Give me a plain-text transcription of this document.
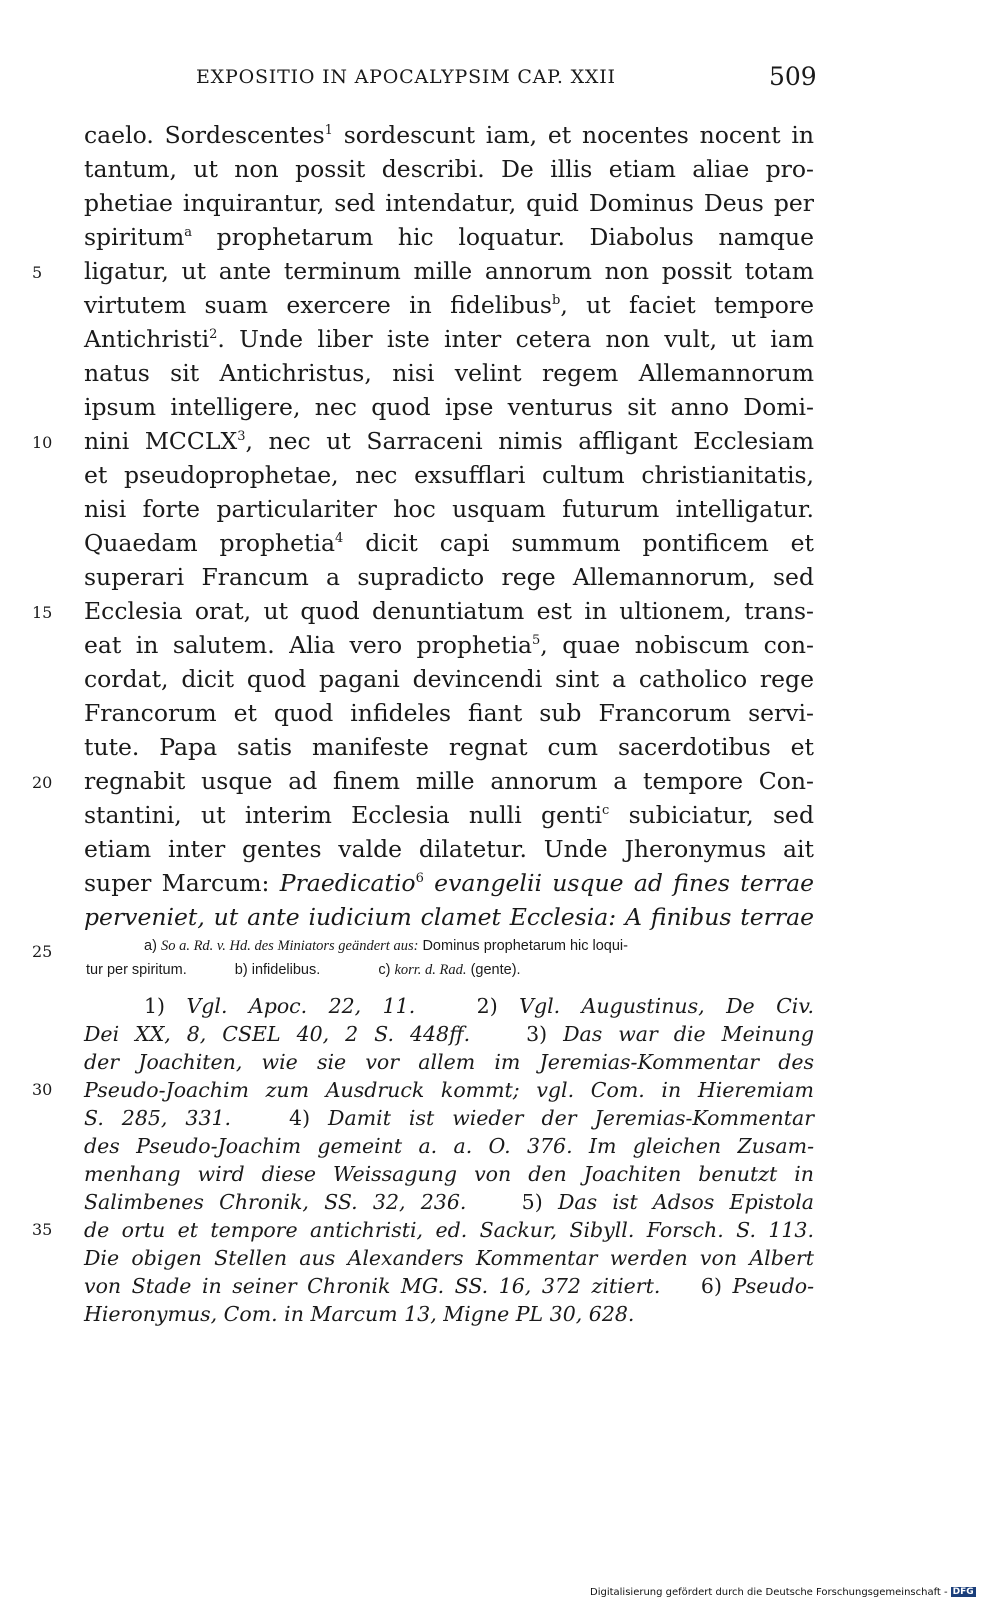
EXPOSITIO IN APOCALYPSIM CAP. XXII	509
caelo. Sordescentes$^1$ sordescunt iam, et nocentes nocent in
tantum, ut non possit describi. De illis etiam aliae pro-
phetiae inquirantur, sed intendatur, quid Dominus Deus per
spiritum$^a$ prophetarum hic loquatur. Diabolus namque
5 ligatur, ut ante terminum mille annorum non possit totam
virtutem suam exercere in fidelibus$^b$, ut faciet tempore
Antichristi$^2$. Unde liber iste inter cetera non vult, ut iam
natus sit Antichristus, nisi velint regem Allemannorum
ipsum intelligere, nec quod ipse venturus sit anno Domi-
10 nini MCCLX$^3$, nec ut Sarraceni nimis affligant Ecclesiam
et pseudoprophetae, nec exsufflari cultum christianitatis,
nisi forte particulariter hoc usquam futurum intelligatur.
Quaedam prophetia$^4$ dicit capi summum pontificem et
superari Francum a supradicto rege Allemannorum, sed
15 Ecclesia orat, ut quod denuntiatum est in ultionem, trans-
eat in salutem. Alia vero prophetia$^5$, quae nobiscum con-
cordat, dicit quod pagani devincendi sint a catholico rege
Francorum et quod infideles fiant sub Francorum servi-
tute. Papa satis manifeste regnat cum sacerdotibus et
20 regnabit usque ad finem mille annorum a tempore Con-
stantini, ut interim Ecclesia nulli genti$^c$ subiciatur, sed
etiam inter gentes valde dilatetur. Unde Jheronymus ait
super Marcum: Praedicatio$^6$ evangelii usque ad fines terrae
perveniet, ut ante iudicium clamet Ecclesia: A finibus terrae
25	a) So a. Rd. v. Hd. des Miniators geändert aus: Dominus prophetarum hic loqui-
tur per spiritum.	b) infidelibus.	c) korr. d. Rad. (gente).
1) Vgl. Apoc. 22, 11. 2) Vgl. Augustinus, De Civ.
Dei XX, 8, CSEL 40, 2 S. 448ff. 3) Das war die Meinung
der Joachiten, wie sie vor allem im Jeremias-Kommentar des
30 Pseudo-Joachim zum Ausdruck kommt; vgl. Com. in Hieremiam
S. 285, 331. 4) Damit ist wieder der Jeremias-Kommentar
des Pseudo-Joachim gemeint a. a. O. 376. Im gleichen Zusam-
menhang wird diese Weissagung von den Joachiten benutzt in
Salimbenes Chronik, SS. 32, 236. 5) Das ist Adsos Epistola
35 de ortu et tempore antichristi, ed. Sackur, Sibyll. Forsch. S. 113.
Die obigen Stellen aus Alexanders Kommentar werden von Albert
von Stade in seiner Chronik MG. SS. 16, 372 zitiert. 6) Pseudo-
Hieronymus, Com. in Marcum 13, Migne PL 30, 628.
Digitalisierung gefördert durch die Deutsche Forschungsgemeinschaft - DFG
